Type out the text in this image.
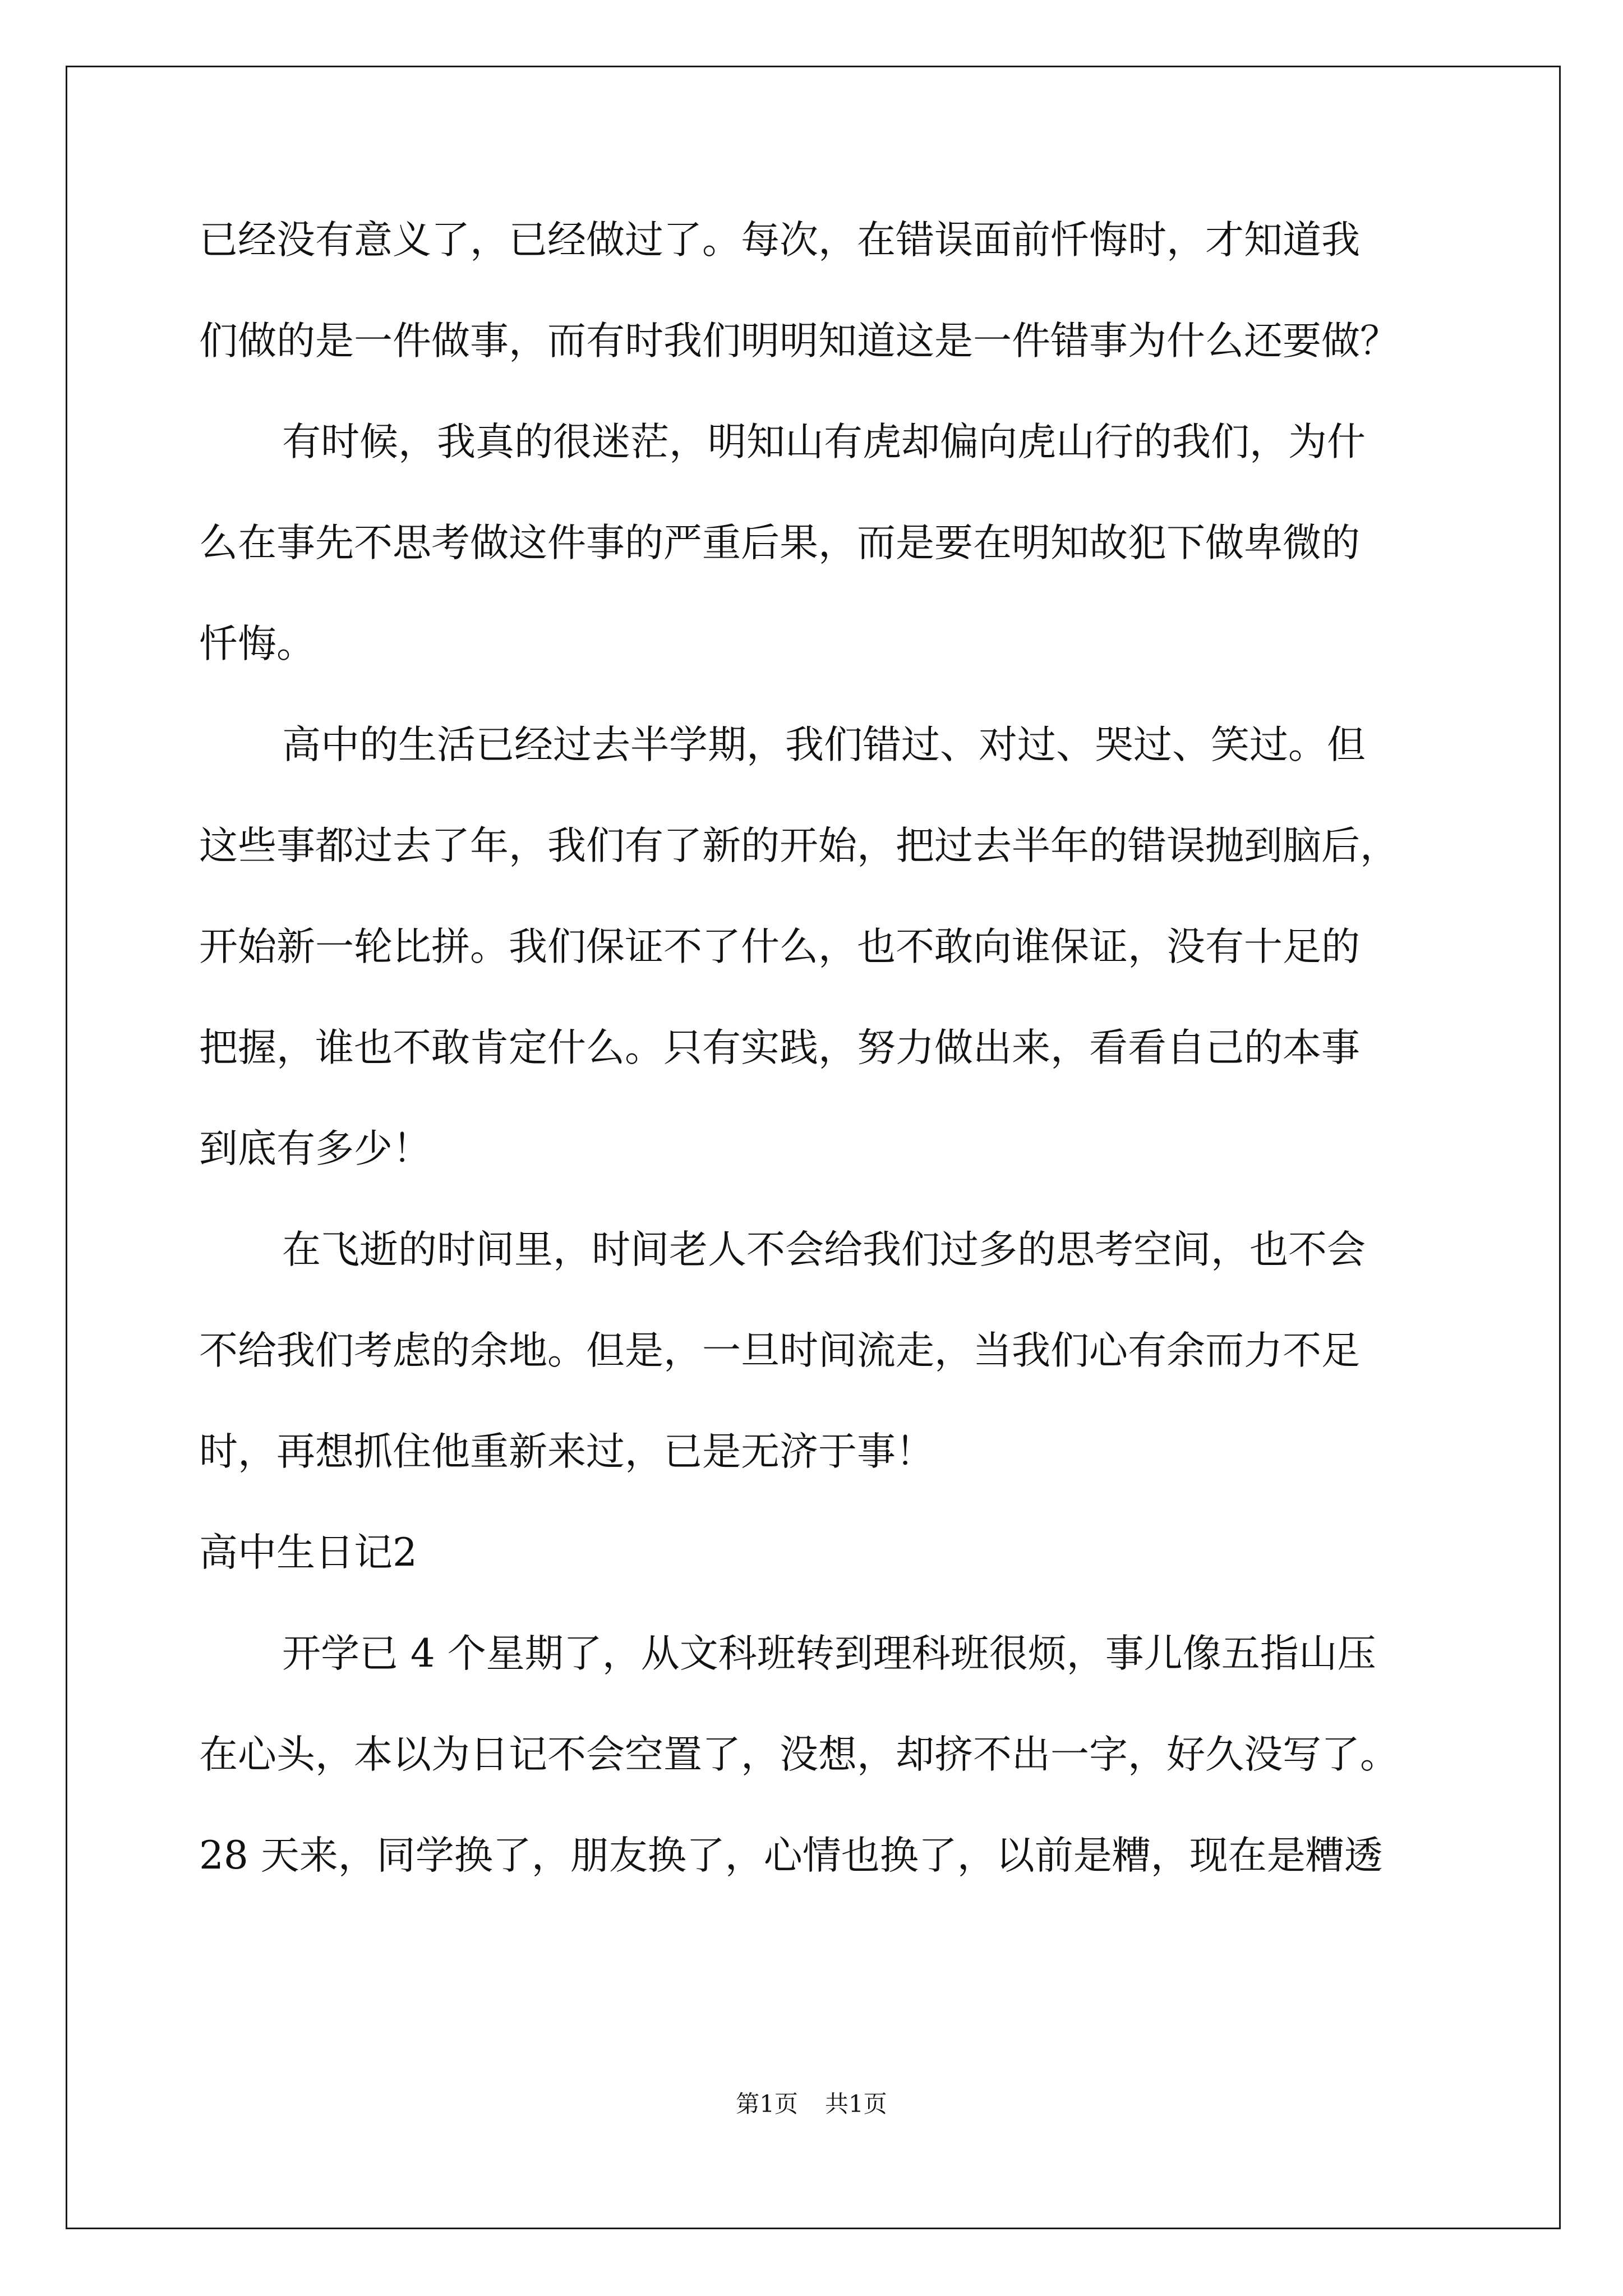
已经没有意义了，已经做过了。每次，在错误面前忏悔时，才知道我
们做的是一件做事，而有时我们明明知道这是一件错事为什么还要做？
有时候，我真的很迷茫，明知山有虎却偏向虎山行的我们，为什
么在事先不思考做这件事的严重后果，而是要在明知故犯下做卑微的
忏悔。
高中的生活已经过去半学期，我们错过、对过、哭过、笑过。但
这些事都过去了年，我们有了新的开始，把过去半年的错误抛到脑后，
开始新一轮比拼。我们保证不了什么，也不敢向谁保证，没有十足的
把握，谁也不敢肯定什么。只有实践，努力做出来，看看自己的本事
到底有多少！
在飞逝的时间里，时间老人不会给我们过多的思考空间，也不会
不给我们考虑的余地。但是，一旦时间流走，当我们心有余而力不足
时，再想抓住他重新来过，已是无济于事！
高中生日记2
开学已 4 个星期了，从文科班转到理科班很烦，事儿像五指山压
在心头，本以为日记不会空置了，没想，却挤不出一字，好久没写了。
28 天来，同学换了，朋友换了，心情也换了，以前是糟，现在是糟透
第1页 共1页
